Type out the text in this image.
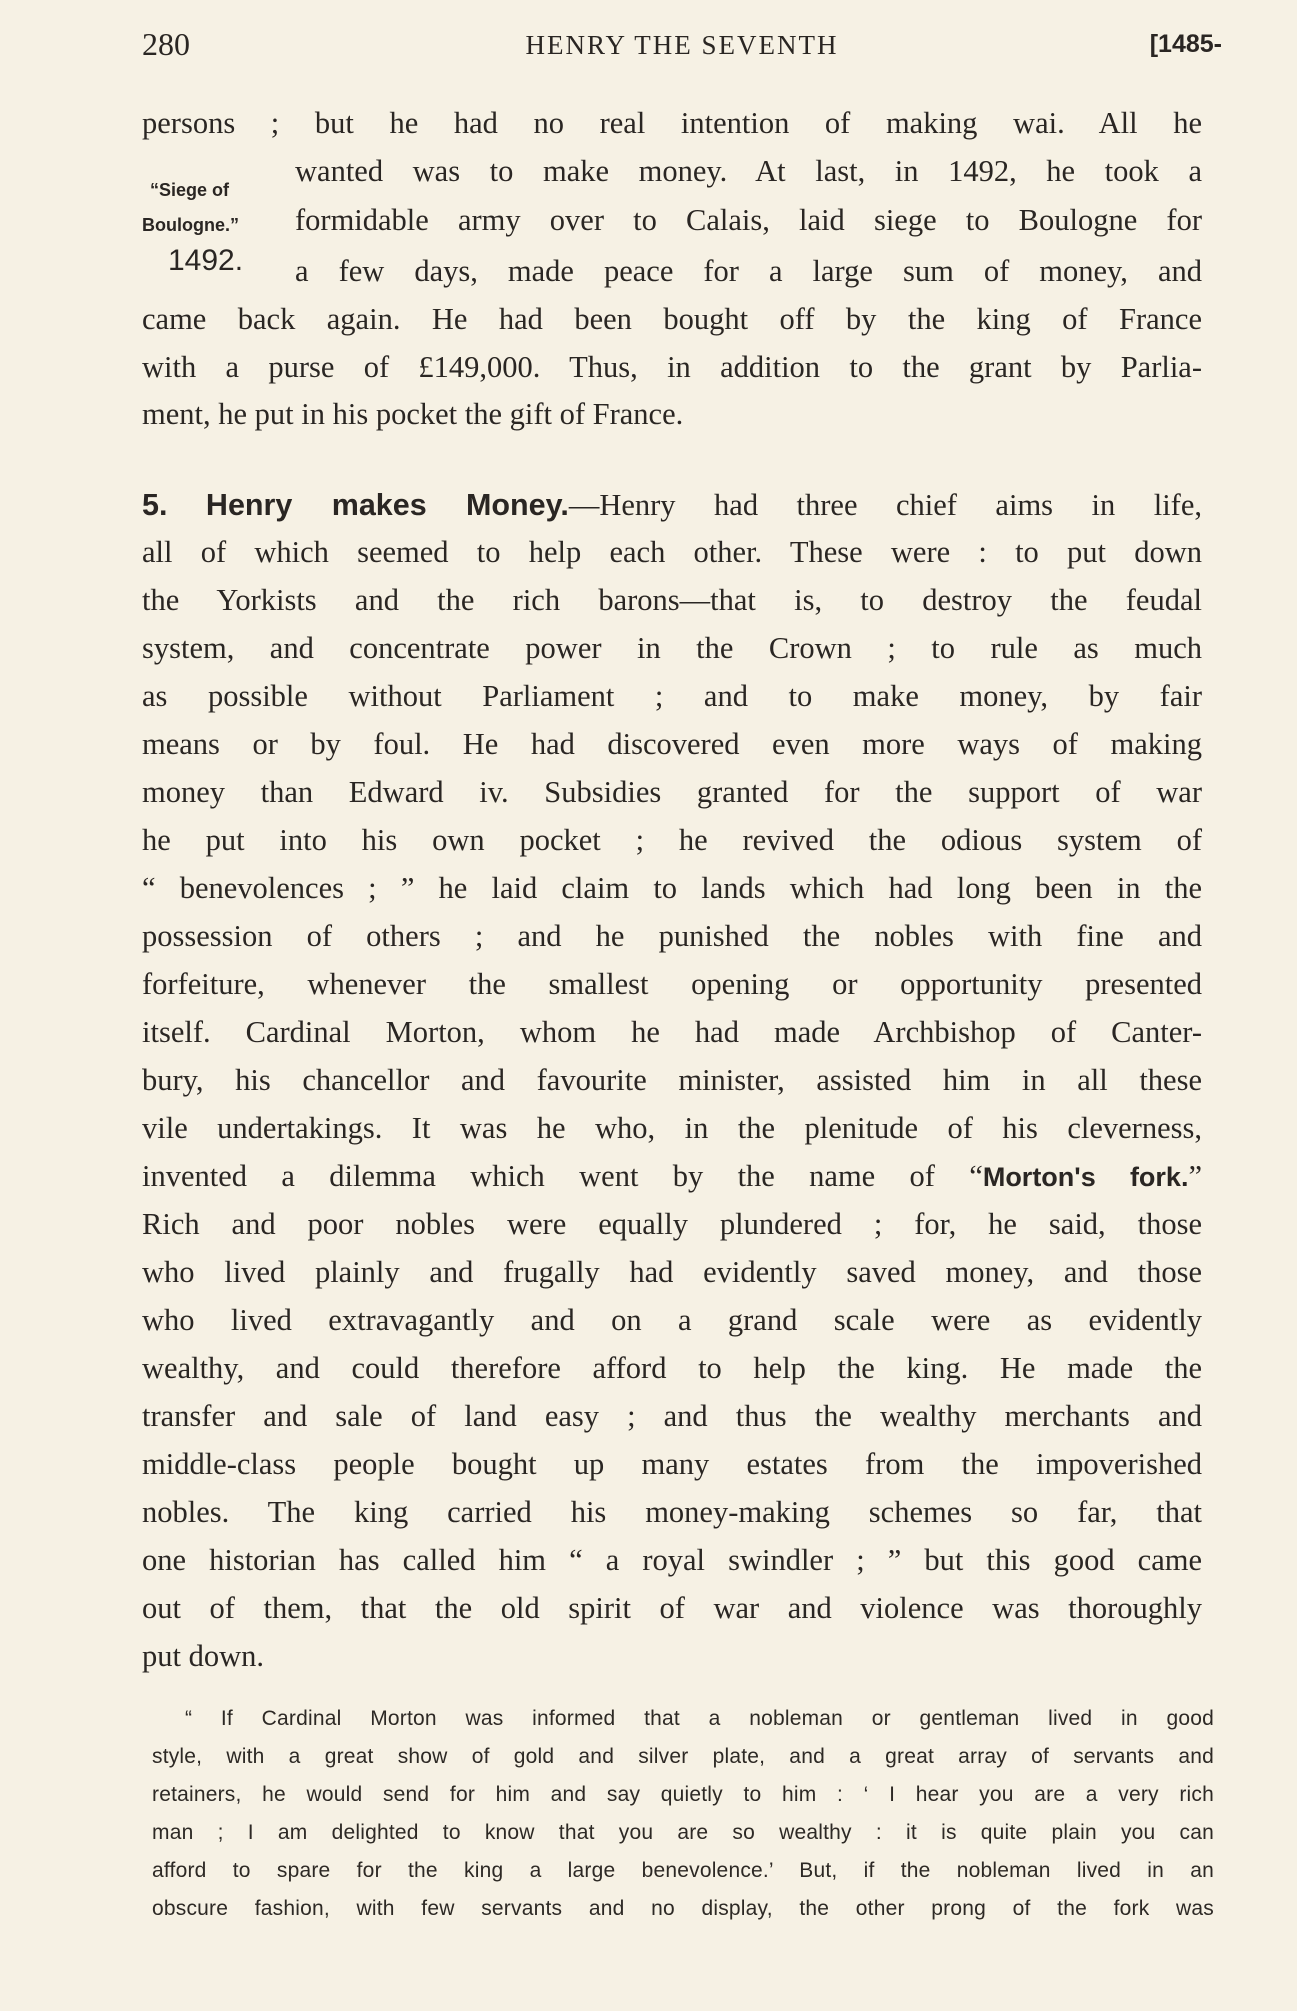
280	HENRY THE SEVENTH	[1485-
persons ; but he had no real intention of making wai. All he
wanted was to make money. At last, in 1492, he took a
“Siege of
Boulogne.” formidable army over to Calais, laid siege to Boulogne for
1492. a few days, made peace for a large sum of money, and
came back again. He had been bought off by the king of France
with a purse of £149,000. Thus, in addition to the grant by Parlia-
ment, he put in his pocket the gift of France.
5. Henry makes Money.—Henry had three chief aims in life,
all of which seemed to help each other. These were : to put down
the Yorkists and the rich barons—that is, to destroy the feudal
system, and concentrate power in the Crown ; to rule as much
as possible without Parliament ; and to make money, by fair
means or by foul. He had discovered even more ways of making
money than Edward iv. Subsidies granted for the support of war
he put into his own pocket ; he revived the odious system of
“ benevolences ; ” he laid claim to lands which had long been in the
possession of others ; and he punished the nobles with fine and
forfeiture, whenever the smallest opening or opportunity presented
itself. Cardinal Morton, whom he had made Archbishop of Canter-
bury, his chancellor and favourite minister, assisted him in all these
vile undertakings. It was he who, in the plenitude of his cleverness,
invented a dilemma which went by the name of “Morton's fork.”
Rich and poor nobles were equally plundered ; for, he said, those
who lived plainly and frugally had evidently saved money, and those
who lived extravagantly and on a grand scale were as evidently
wealthy, and could therefore afford to help the king. He made the
transfer and sale of land easy ; and thus the wealthy merchants and
middle-class people bought up many estates from the impoverished
nobles. The king carried his money-making schemes so far, that
one historian has called him “ a royal swindler ; ” but this good came
out of them, that the old spirit of war and violence was thoroughly
put down.
“ If Cardinal Morton was informed that a nobleman or gentleman lived in good
style, with a great show of gold and silver plate, and a great array of servants and
retainers, he would send for him and say quietly to him : ‘ I hear you are a very rich
man ; I am delighted to know that you are so wealthy : it is quite plain you can
afford to spare for the king a large benevolence.’ But, if the nobleman lived in an
obscure fashion, with few servants and no display, the other prong of the fork was
